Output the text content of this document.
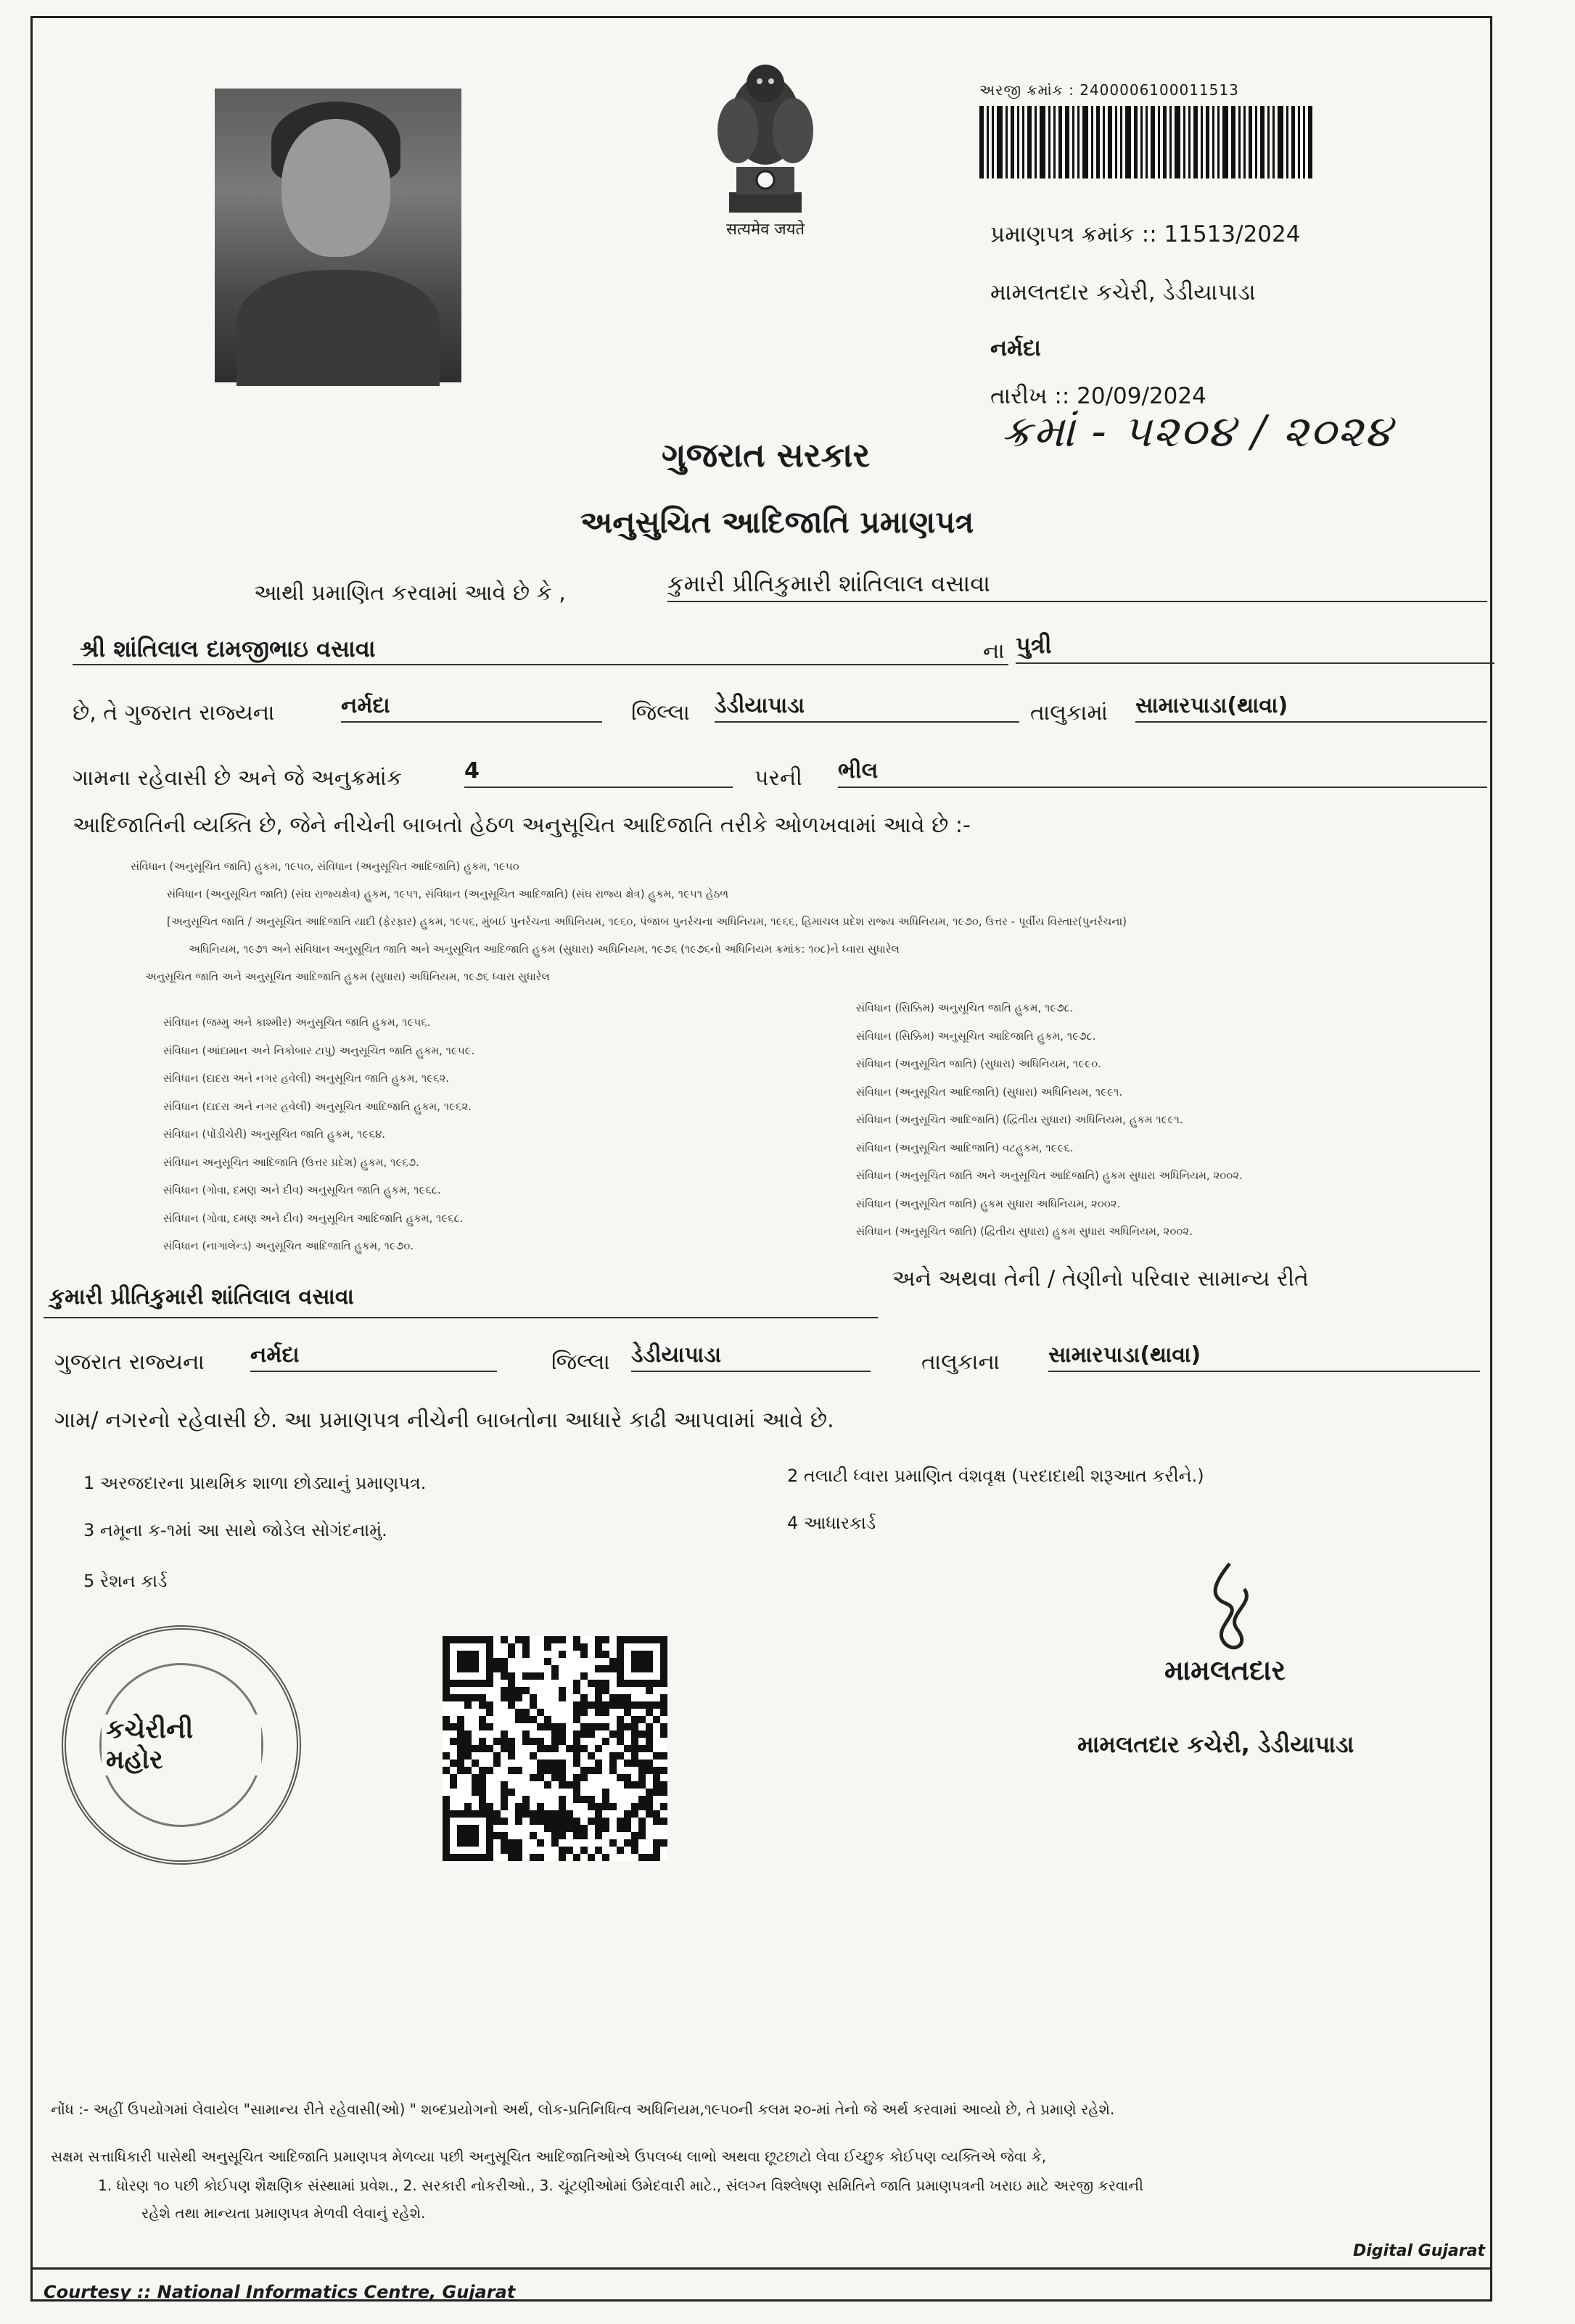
सत्यमेव जयते
અરજી ક્રમાંક : 2400006100011513
પ્રમાણપત્ર ક્રમાંક :: 11513/2024
મામલતદાર કચેરી, ડેડીયાપાડા
નર્મદા
તારીખ :: 20/09/2024
ગુજરાત સરકાર	ક્રમાં - ૫૨૦૪ / ૨૦૨૪
અનુસુચિત આદિજાતિ પ્રમાણપત્ર
આથી પ્રમાણિત કરવામાં આવે છે કે ,	કુમારી પ્રીતિકુમારી શાંતિલાલ વસાવા
શ્રી શાંતિલાલ દામજીભાઇ વસાવા	ના પુત્રી
છે, તે ગુજરાત રાજ્યના	નર્મદા	જિલ્લા ડેડીયાપાડા	તાલુકામાં સામારપાડા(થાવા)
ગામના રહેવાસી છે અને જે અનુક્રમાંક	4	પરની ભીલ
આદિજાતિની વ્યક્તિ છે, જેને નીચેની બાબતો હેઠળ અનુસૂચિત આદિજાતિ તરીકે ઓળખવામાં આવે છે :-
સંવિધાન (અનુસૂચિત જાતિ) હુકમ, ૧૯૫૦, સંવિધાન (અનુસૂચિત આદિજાતિ) હુકમ, ૧૯૫૦
સંવિધાન (અનુસૂચિત જાતિ) (સંઘ રાજ્યક્ષેત્ર) હુકમ, ૧૯૫૧, સંવિધાન (અનુસૂચિત આદિજાતિ) (સંઘ રાજ્ય ક્ષેત્ર) હુકમ, ૧૯૫૧ હેઠળ
[અનુસૂચિત જાતિ / અનુસૂચિત આદિજાતિ યાદી (ફેરફાર) હુકમ, ૧૯૫૬, મુંબઈ પુનર્રચના અધિનિયમ, ૧૯૬૦, પંજાબ પુનર્રચના અધિનિયમ, ૧૯૬૬, હિમાચલ પ્રદેશ રાજ્ય અધિનિયમ, ૧૯૭૦, ઉત્તર - પૂર્વીય વિસ્તાર(પુનર્રચના)
અધિનિયમ, ૧૯૭૧ અને સંવિધાન અનુસૂચિત જાતિ અને અનુસૂચિત આદિજાતિ હુકમ (સુધારા) અધિનિયમ, ૧૯૭૬ (૧૯૭૬નો અધિનિયમ ક્રમાંક: ૧૦૮)ને ધ્વારા સુધારેલ
અનુસૂચિત જાતિ અને અનુસૂચિત આદિજાતિ હુકમ (સુધારા) અધિનિયમ, ૧૯૭૬ ધ્વારા સુધારેલ
સંવિધાન (જમ્મુ અને કાશ્મીર) અનુસૂચિત જાતિ હુકમ, ૧૯૫૬.
સંવિધાન (આંદામાન અને નિકોબાર ટાપુ) અનુસૂચિત જાતિ હુકમ, ૧૯૫૯.
સંવિધાન (દાદરા અને નગર હવેલી) અનુસૂચિત જાતિ હુકમ, ૧૯૬૨.
સંવિધાન (દાદરા અને નગર હવેલી) અનુસૂચિત આદિજાતિ હુકમ, ૧૯૬૨.
સંવિધાન (પોંડીચેરી) અનુસૂચિત જાતિ હુકમ, ૧૯૬૪.
સંવિધાન અનુસૂચિત આદિજાતિ (ઉત્તર પ્રદેશ) હુકમ, ૧૯૬૭.
સંવિધાન (ગોવા, દમણ અને દીવ) અનુસૂચિત જાતિ હુકમ, ૧૯૬૮.
સંવિધાન (ગોવા, દમણ અને દીવ) અનુસૂચિત આદિજાતિ હુકમ, ૧૯૬૮.
સંવિધાન (નાગાલેન્ડ) અનુસૂચિત આદિજાતિ હુકમ, ૧૯૭૦.
સંવિધાન (સિક્કિમ) અનુસૂચિત જાતિ હુકમ, ૧૯૭૮.
સંવિધાન (સિક્કિમ) અનુસૂચિત આદિજાતિ હુકમ, ૧૯૭૮.
સંવિધાન (અનુસૂચિત જાતિ) (સુધારા) અધિનિયમ, ૧૯૯૦.
સંવિધાન (અનુસૂચિત આદિજાતિ) (સુધારા) અધિનિયમ, ૧૯૯૧.
સંવિધાન (અનુસૂચિત આદિજાતિ) (દ્વિતીય સુધારા) અધિનિયમ, હુકમ ૧૯૯૧.
સંવિધાન (અનુસૂચિત આદિજાતિ) વટહુકમ, ૧૯૯૬.
સંવિધાન (અનુસૂચિત જાતિ અને અનુસૂચિત આદિજાતિ) હુકમ સુધારા અધિનિયમ, ૨૦૦૨.
સંવિધાન (અનુસૂચિત જાતિ) હુકમ સુધારા અધિનિયમ, ૨૦૦૨.
સંવિધાન (અનુસૂચિત જાતિ) (દ્વિતીય સુધારા) હુકમ સુધારા અધિનિયમ, ૨૦૦૨.
કુમારી પ્રીતિકુમારી શાંતિલાલ વસાવા
અને અથવા તેની / તેણીનો પરિવાર સામાન્ય રીતે
ગુજરાત રાજ્યના નર્મદા	જિલ્લા ડેડીયાપાડા	તાલુકાના સામારપાડા(થાવા)
ગામ/ નગરનો રહેવાસી છે. આ પ્રમાણપત્ર નીચેની બાબતોના આધારે કાઢી આપવામાં આવે છે.
1 અરજદારના પ્રાથમિક શાળા છોડ્યાનું પ્રમાણપત્ર.	2 તલાટી ધ્વારા પ્રમાણિત વંશવૃક્ષ (પરદાદાથી શરૂઆત કરીને.)
3 નમૂના ક-૧માં આ સાથે જોડેલ સોગંદનામું.	4 આધારકાર્ડ
5 રેશન કાર્ડ
કચેરીની મહોર
મામલતદાર
મામલતદાર કચેરી, ડેડીયાપાડા
નોંધ :- અહીં ઉપયોગમાં લેવાયેલ "સામાન્ય રીતે રહેવાસી(ઓ) " શબ્દપ્રયોગનો અર્થ, લોક-પ્રતિનિધિત્વ અધિનિયમ,૧૯૫૦ની કલમ ૨૦-માં તેનો જે અર્થ કરવામાં આવ્યો છે, તે પ્રમાણે રહેશે.
સક્ષમ સત્તાધિકારી પાસેથી અનુસૂચિત આદિજાતિ પ્રમાણપત્ર મેળવ્યા પછી અનુસૂચિત આદિજાતિઓએ ઉપલબ્ધ લાભો અથવા છૂટછાટો લેવા ઈચ્છુક કોઈપણ વ્યક્તિએ જેવા કે,
1. ધોરણ ૧૦ પછી કોઈપણ શૈક્ષણિક સંસ્થામાં પ્રવેશ., 2. સરકારી નોકરીઓ., 3. ચૂંટણીઓમાં ઉમેદવારી માટે., સંલગ્ન વિશ્લેષણ સમિતિને જાતિ પ્રમાણપત્રની ખરાઇ માટે અરજી કરવાની
રહેશે તથા માન્યતા પ્રમાણપત્ર મેળવી લેવાનું રહેશે.
Courtesy :: National Informatics Centre, Gujarat
Digital Gujarat
